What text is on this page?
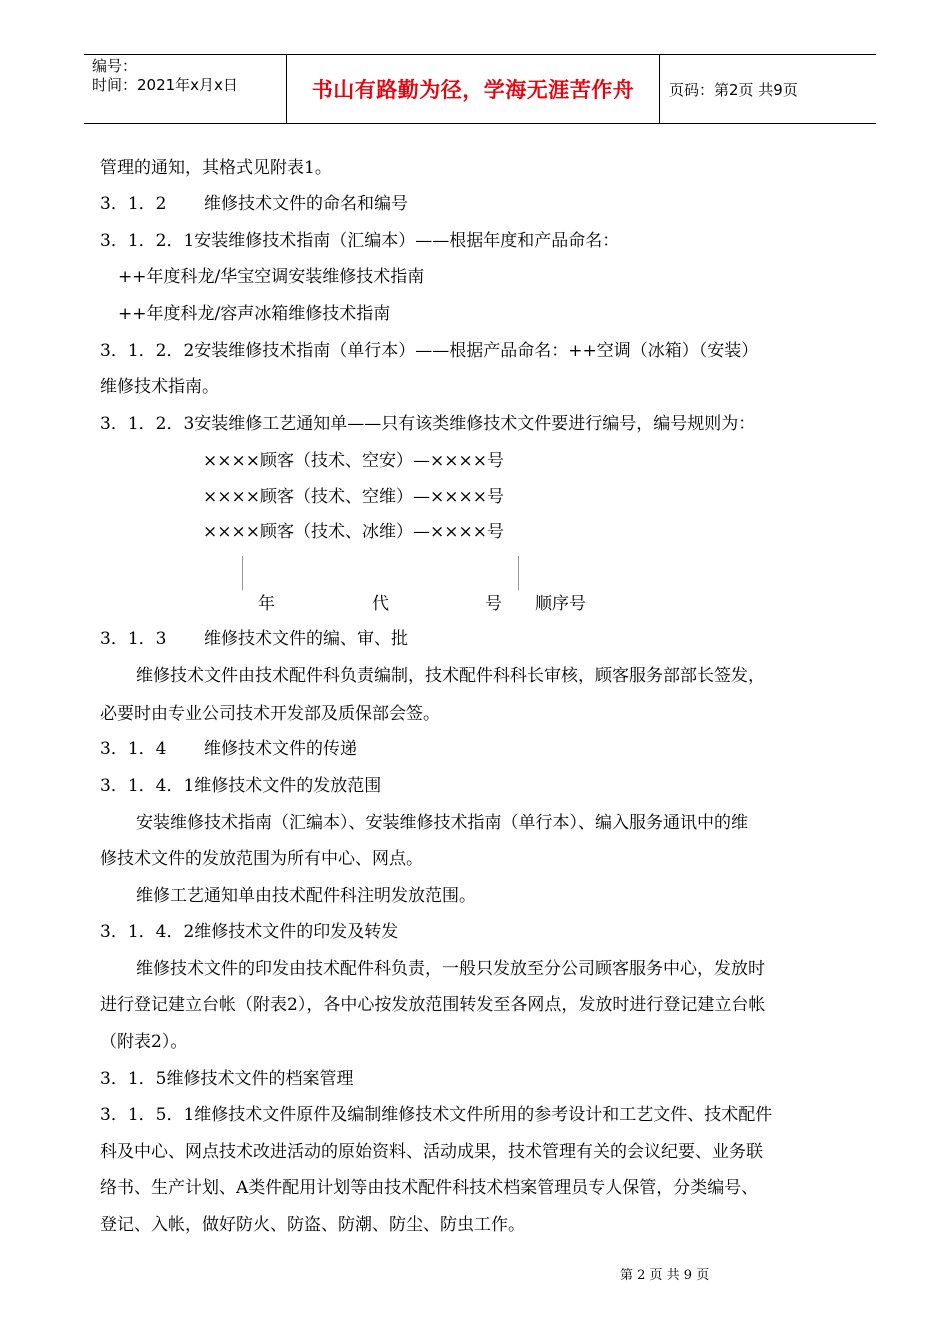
编号：
时间：2021年x月x日	书山有路勤为径，学海无涯苦作舟	页码：第2页 共9页
管理的通知，其格式见附表1。
3．1．2 维修技术文件的命名和编号
3．1．2．1安装维修技术指南（汇编本）——根据年度和产品命名：
++年度科龙/华宝空调安装维修技术指南
++年度科龙/容声冰箱维修技术指南
3．1．2．2安装维修技术指南（单行本）——根据产品命名：++空调（冰箱）（安装）
维修技术指南。
3．1．2．3安装维修工艺通知单——只有该类维修技术文件要进行编号，编号规则为：
××××顾客（技术、空安）—××××号
××××顾客（技术、空维）—××××号
××××顾客（技术、冰维）—××××号
年	代	号 顺序号
3．1．3 维修技术文件的编、审、批
维修技术文件由技术配件科负责编制，技术配件科科长审核，顾客服务部部长签发，
必要时由专业公司技术开发部及质保部会签。
3．1．4 维修技术文件的传递
3．1．4．1维修技术文件的发放范围
安装维修技术指南（汇编本）、安装维修技术指南（单行本）、编入服务通讯中的维
修技术文件的发放范围为所有中心、网点。
维修工艺通知单由技术配件科注明发放范围。
3．1．4．2维修技术文件的印发及转发
维修技术文件的印发由技术配件科负责，一般只发放至分公司顾客服务中心，发放时
进行登记建立台帐（附表2），各中心按发放范围转发至各网点，发放时进行登记建立台帐
（附表2）。
3．1．5维修技术文件的档案管理
3．1．5．1维修技术文件原件及编制维修技术文件所用的参考设计和工艺文件、技术配件
科及中心、网点技术改进活动的原始资料、活动成果，技术管理有关的会议纪要、业务联
络书、生产计划、A类件配用计划等由技术配件科技术档案管理员专人保管，分类编号、
登记、入帐，做好防火、防盗、防潮、防尘、防虫工作。
第 2 页 共 9 页
